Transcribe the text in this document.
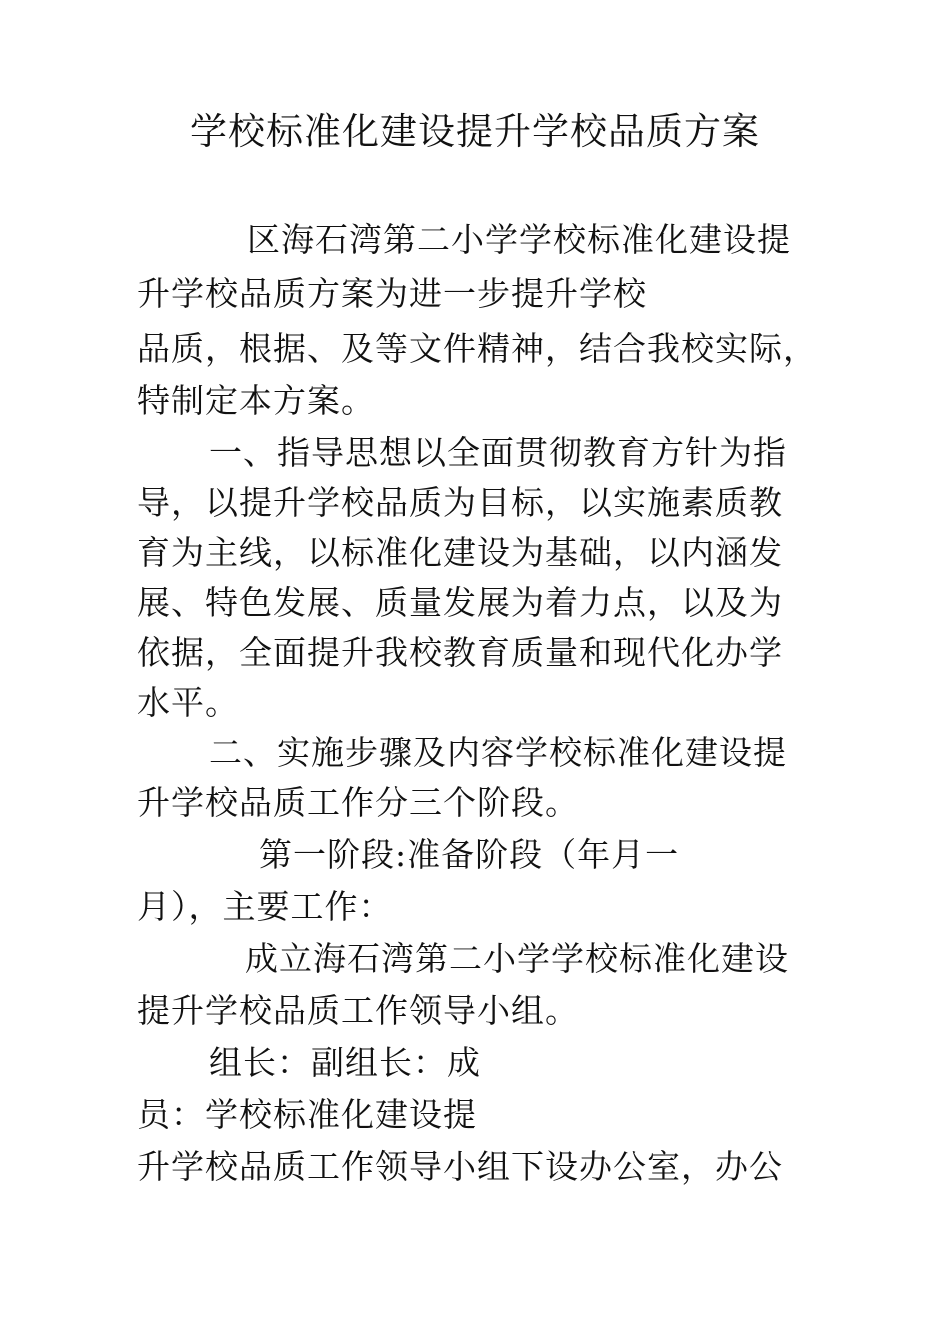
学校标准化建设提升学校品质方案
区海石湾第二小学学校标准化建设提
升学校品质方案为进一步提升学校
品质，根据、及等文件精神，结合我校实际，
特制定本方案。
一、指导思想以全面贯彻教育方针为指
导，以提升学校品质为目标，以实施素质教
育为主线，以标准化建设为基础，以内涵发
展、特色发展、质量发展为着力点，以及为
依据，全面提升我校教育质量和现代化办学
水平。
二、实施步骤及内容学校标准化建设提
升学校品质工作分三个阶段。
第一阶段:准备阶段（年月一
月），主要工作：
成立海石湾第二小学学校标准化建设
提升学校品质工作领导小组。
组长：副组长：成
员：学校标准化建设提
升学校品质工作领导小组下设办公室，办公
